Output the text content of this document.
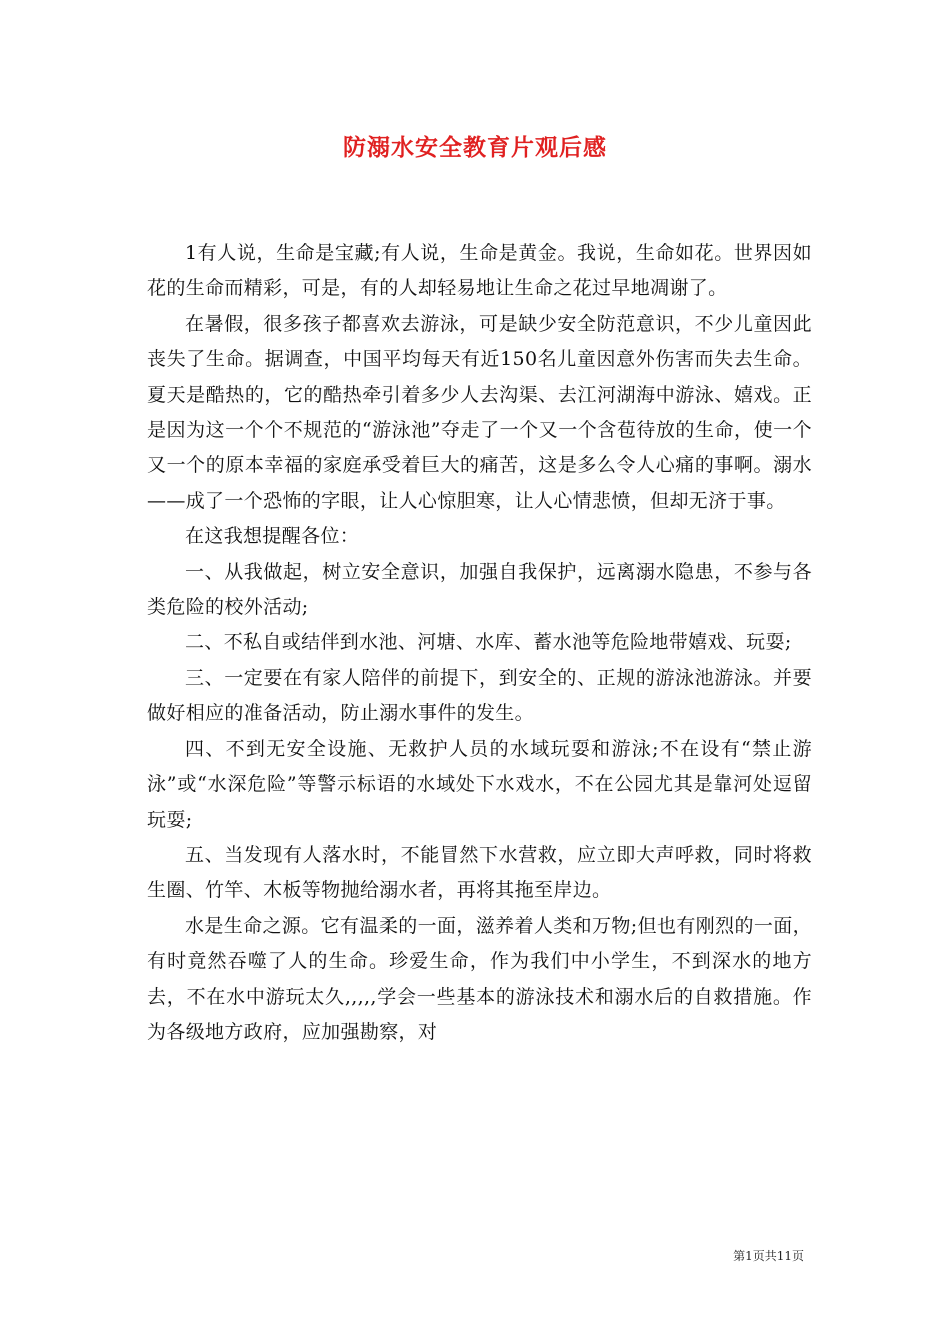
防溺水安全教育片观后感

1有人说，生命是宝藏;有人说，生命是黄金。我说，生命如花。世界因如花的生命而精彩，可是，有的人却轻易地让生命之花过早地凋谢了。

在暑假，很多孩子都喜欢去游泳，可是缺少安全防范意识，不少儿童因此丧失了生命。据调查，中国平均每天有近150名儿童因意外伤害而失去生命。夏天是酷热的，它的酷热牵引着多少人去沟渠、去江河湖海中游泳、嬉戏。正是因为这一个个不规范的“游泳池”夺走了一个又一个含苞待放的生命，使一个又一个的原本幸福的家庭承受着巨大的痛苦，这是多么令人心痛的事啊。溺水——成了一个恐怖的字眼，让人心惊胆寒，让人心情悲愤，但却无济于事。

在这我想提醒各位：

一、从我做起，树立安全意识，加强自我保护，远离溺水隐患，不参与各类危险的校外活动;

二、不私自或结伴到水池、河塘、水库、蓄水池等危险地带嬉戏、玩耍;

三、一定要在有家人陪伴的前提下，到安全的、正规的游泳池游泳。并要做好相应的准备活动，防止溺水事件的发生。

四、不到无安全设施、无救护人员的水域玩耍和游泳;不在设有“禁止游泳”或“水深危险”等警示标语的水域处下水戏水，不在公园尤其是靠河处逗留玩耍;

五、当发现有人落水时，不能冒然下水营救，应立即大声呼救，同时将救生圈、竹竿、木板等物抛给溺水者，再将其拖至岸边。

水是生命之源。它有温柔的一面，滋养着人类和万物;但也有刚烈的一面，有时竟然吞噬了人的生命。珍爱生命，作为我们中小学生，不到深水的地方去，不在水中游玩太久,,,,,学会一些基本的游泳技术和溺水后的自救措施。作为各级地方政府，应加强勘察，对

第1页共11页
